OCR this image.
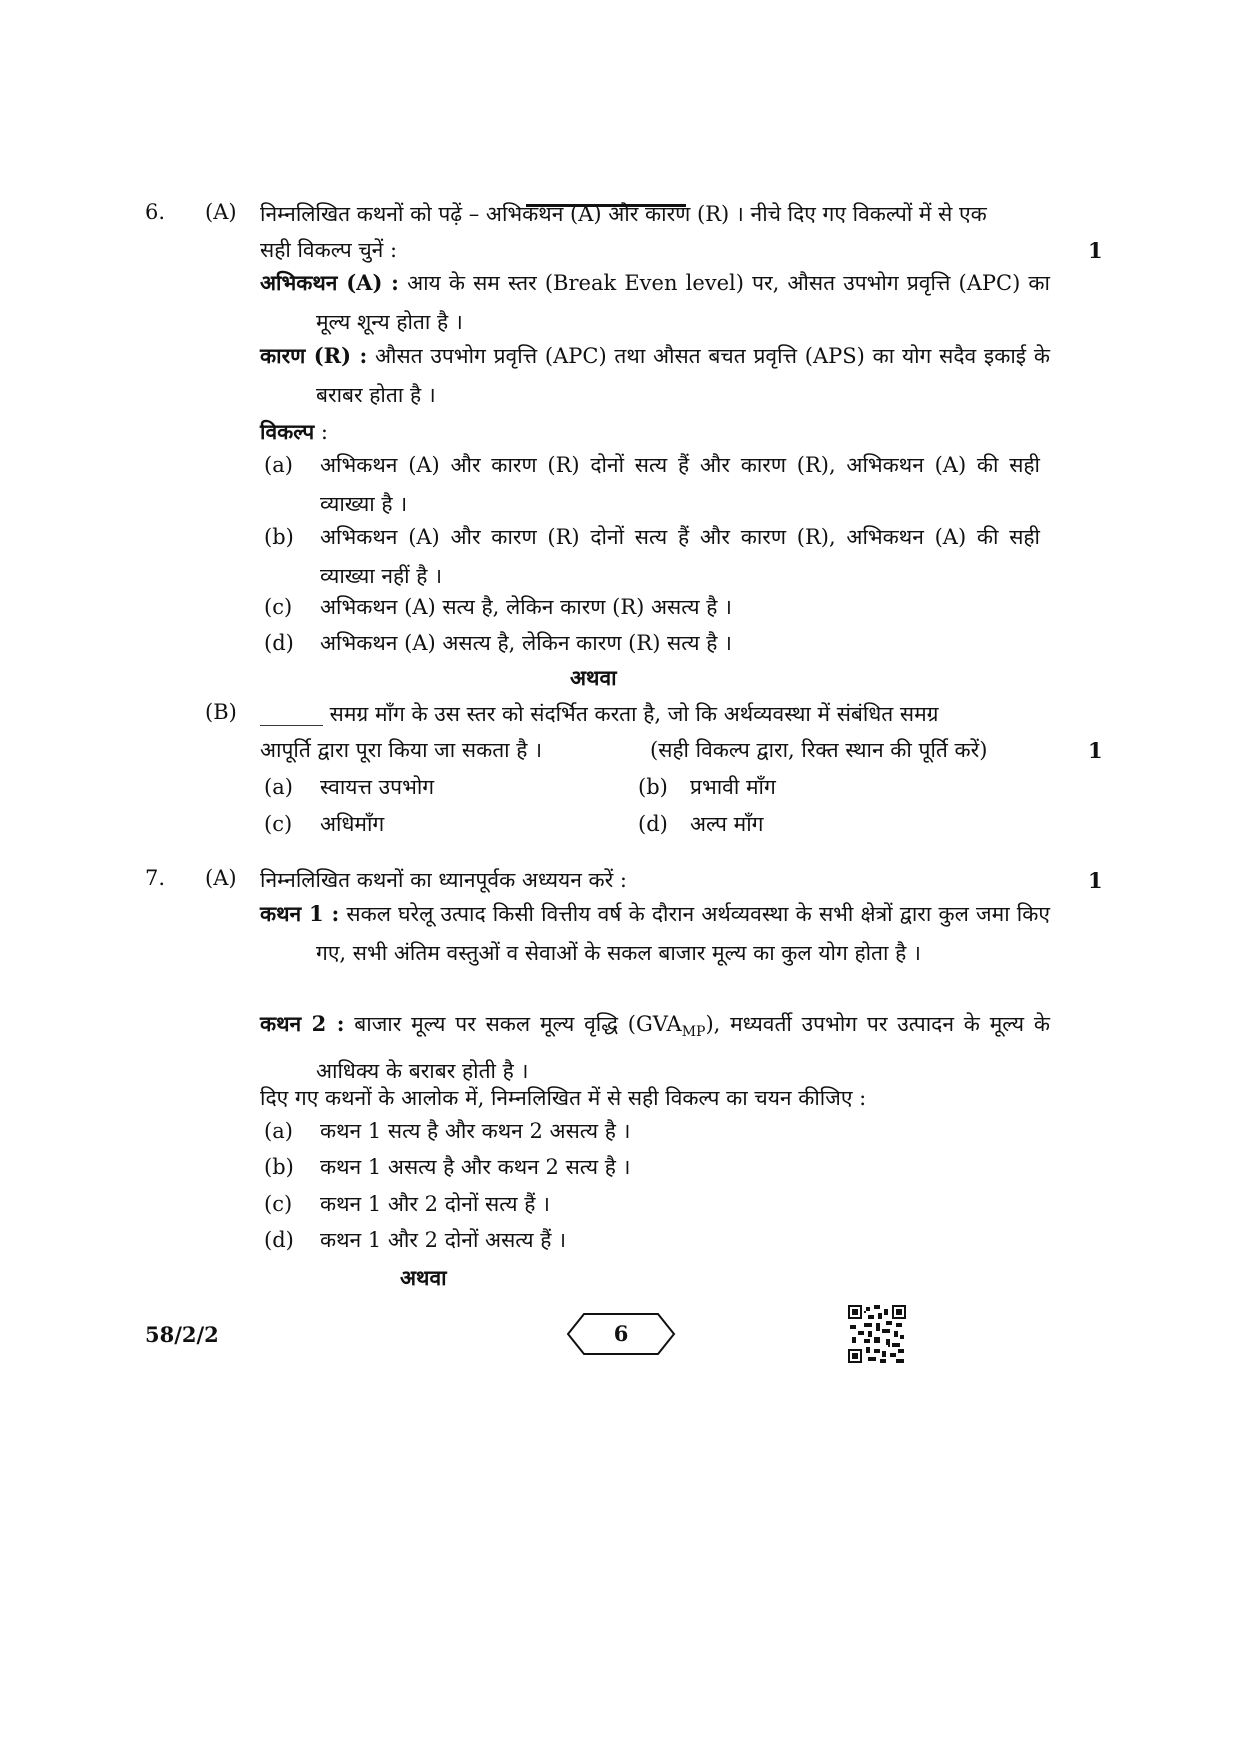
6. (A) निम्नलिखित कथनों को पढ़ें – अभिकथन (A) और कारण (R) । नीचे दिए गए विकल्पों में से एक
सही विकल्प चुनें :	1
अभिकथन (A) : आय के सम स्तर (Break Even level) पर, औसत उपभोग प्रवृत्ति (APC) का मूल्य शून्य होता है ।
कारण (R) : औसत उपभोग प्रवृत्ति (APC) तथा औसत बचत प्रवृत्ति (APS) का योग सदैव इकाई के बराबर होता है ।
विकल्प :
(a)	अभिकथन (A) और कारण (R) दोनों सत्य हैं और कारण (R), अभिकथन (A) की सही व्याख्या है ।
(b)	अभिकथन (A) और कारण (R) दोनों सत्य हैं और कारण (R), अभिकथन (A) की सही व्याख्या नहीं है ।
(c)	अभिकथन (A) सत्य है, लेकिन कारण (R) असत्य है ।
(d)	अभिकथन (A) असत्य है, लेकिन कारण (R) सत्य है ।
अथवा
(B) ______ समग्र माँग के उस स्तर को संदर्भित करता है, जो कि अर्थव्यवस्था में संबंधित समग्र
आपूर्ति द्वारा पूरा किया जा सकता है ।	(सही विकल्प द्वारा, रिक्त स्थान की पूर्ति करें)	1
(a)	स्वायत्त उपभोग	(b)	प्रभावी माँग
(c)	अधिमाँग	(d)	अल्प माँग
7. (A) निम्नलिखित कथनों का ध्यानपूर्वक अध्ययन करें :	1
कथन 1 : सकल घरेलू उत्पाद किसी वित्तीय वर्ष के दौरान अर्थव्यवस्था के सभी क्षेत्रों द्वारा कुल जमा किए गए, सभी अंतिम वस्तुओं व सेवाओं के सकल बाजार मूल्य का कुल योग होता है ।
कथन 2 : बाजार मूल्य पर सकल मूल्य वृद्धि $(GVA_{MP})$, मध्यवर्ती उपभोग पर उत्पादन के मूल्य के आधिक्य के बराबर होती है ।
दिए गए कथनों के आलोक में, निम्नलिखित में से सही विकल्प का चयन कीजिए :
(a)	कथन 1 सत्य है और कथन 2 असत्य है ।
(b)	कथन 1 असत्य है और कथन 2 सत्य है ।
(c)	कथन 1 और 2 दोनों सत्य हैं ।
(d)	कथन 1 और 2 दोनों असत्य हैं ।
अथवा
58/2/2	6
